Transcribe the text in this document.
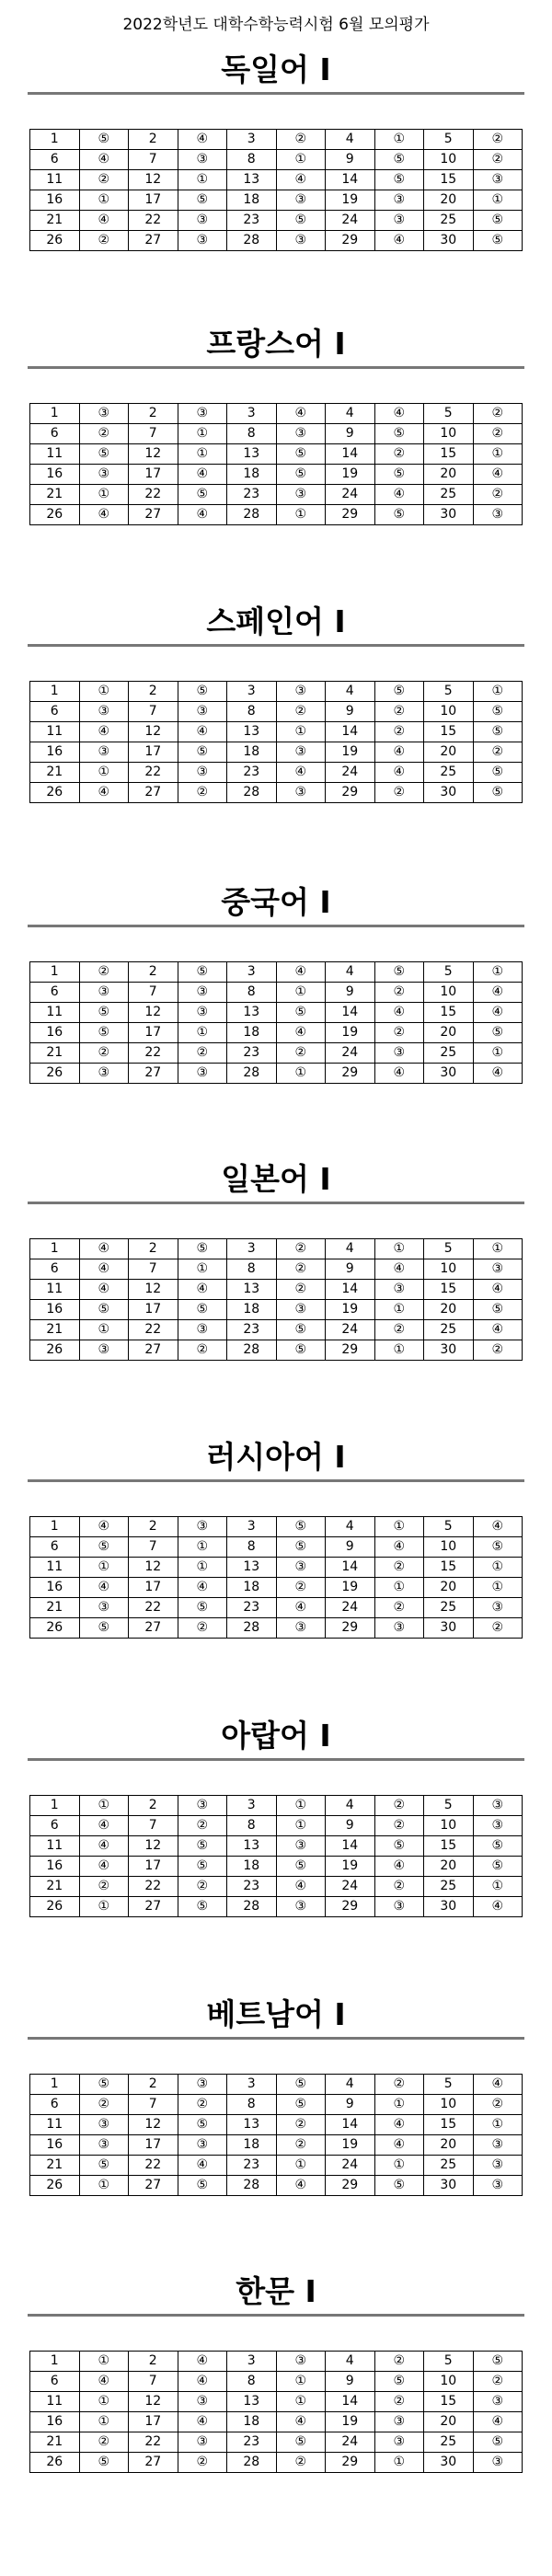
2022학년도 대학수학능력시험 6월 모의평가
독일어 I
1	⑤	2	④	3	②	4	①	5	②
6	④	7	③	8	①	9	⑤	10	②
11	②	12	①	13	④	14	⑤	15	③
16	①	17	⑤	18	③	19	③	20	①
21	④	22	③	23	⑤	24	③	25	⑤
26	②	27	③	28	③	29	④	30	⑤
프랑스어 I
1	③	2	③	3	④	4	④	5	②
6	②	7	①	8	③	9	⑤	10	②
11	⑤	12	①	13	⑤	14	②	15	①
16	③	17	④	18	⑤	19	⑤	20	④
21	①	22	⑤	23	③	24	④	25	②
26	④	27	④	28	①	29	⑤	30	③
스페인어 I
1	①	2	⑤	3	③	4	⑤	5	①
6	③	7	③	8	②	9	②	10	⑤
11	④	12	④	13	①	14	②	15	⑤
16	③	17	⑤	18	③	19	④	20	②
21	①	22	③	23	④	24	④	25	⑤
26	④	27	②	28	③	29	②	30	⑤
중국어 I
1	②	2	⑤	3	④	4	⑤	5	①
6	③	7	③	8	①	9	②	10	④
11	⑤	12	③	13	⑤	14	④	15	④
16	⑤	17	①	18	④	19	②	20	⑤
21	②	22	②	23	②	24	③	25	①
26	③	27	③	28	①	29	④	30	④
일본어 I
1	④	2	⑤	3	②	4	①	5	①
6	④	7	①	8	②	9	④	10	③
11	④	12	④	13	②	14	③	15	④
16	⑤	17	⑤	18	③	19	①	20	⑤
21	①	22	③	23	⑤	24	②	25	④
26	③	27	②	28	⑤	29	①	30	②
러시아어 I
1	④	2	③	3	⑤	4	①	5	④
6	⑤	7	①	8	⑤	9	④	10	⑤
11	①	12	①	13	③	14	②	15	①
16	④	17	④	18	②	19	①	20	①
21	③	22	⑤	23	④	24	②	25	③
26	⑤	27	②	28	③	29	③	30	②
아랍어 I
1	①	2	③	3	①	4	②	5	③
6	④	7	②	8	①	9	②	10	③
11	④	12	⑤	13	③	14	⑤	15	⑤
16	④	17	⑤	18	⑤	19	④	20	⑤
21	②	22	②	23	④	24	②	25	①
26	①	27	⑤	28	③	29	③	30	④
베트남어 I
1	⑤	2	③	3	⑤	4	②	5	④
6	②	7	②	8	⑤	9	①	10	②
11	③	12	⑤	13	②	14	④	15	①
16	③	17	③	18	②	19	④	20	③
21	⑤	22	④	23	①	24	①	25	③
26	①	27	⑤	28	④	29	⑤	30	③
한문 I
1	①	2	④	3	③	4	②	5	⑤
6	④	7	④	8	①	9	⑤	10	②
11	①	12	③	13	①	14	②	15	③
16	①	17	④	18	④	19	③	20	④
21	②	22	③	23	⑤	24	③	25	⑤
26	⑤	27	②	28	②	29	①	30	③
